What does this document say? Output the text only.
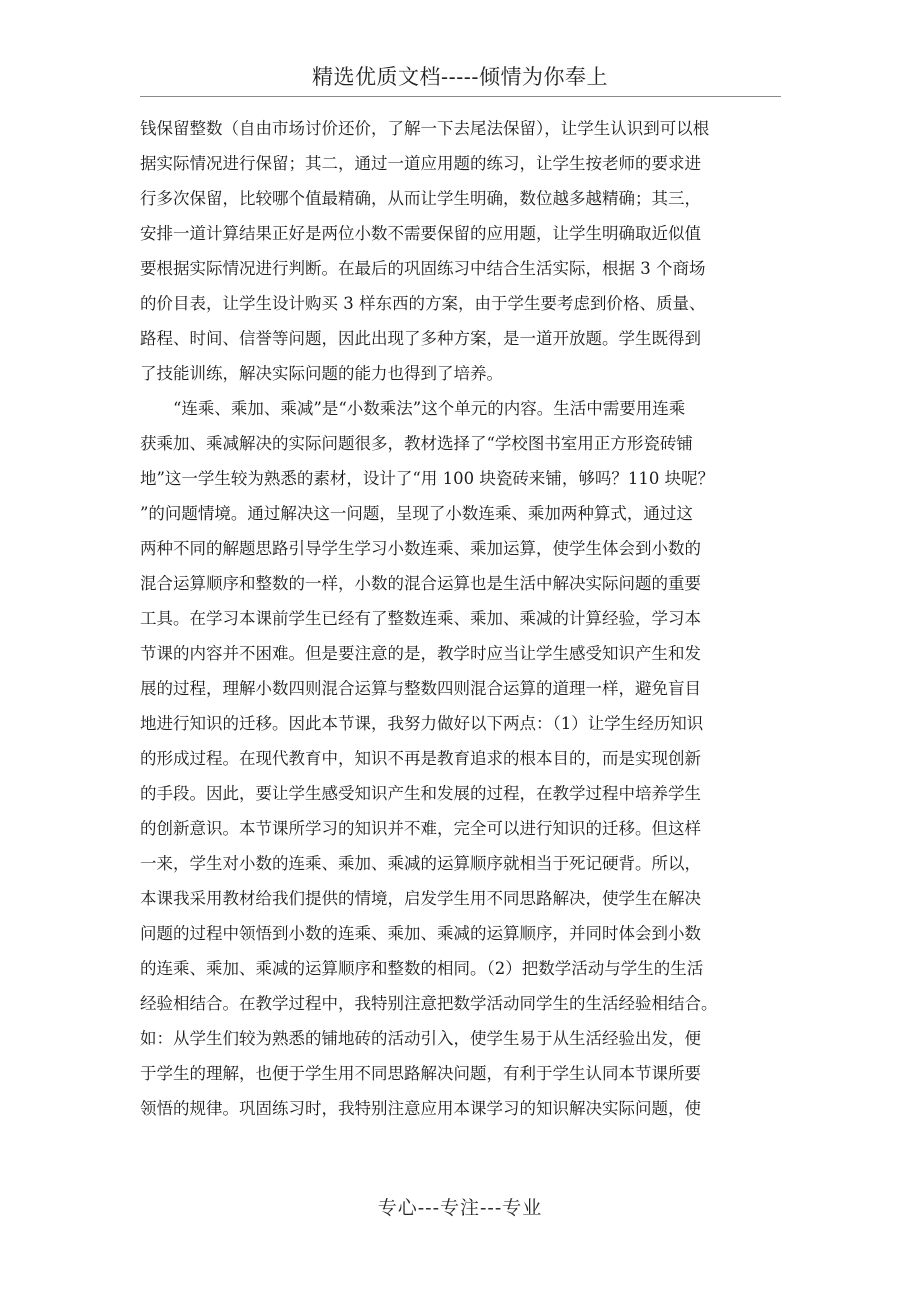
精选优质文档-----倾情为你奉上
钱保留整数（自由市场讨价还价，了解一下去尾法保留），让学生认识到可以根
据实际情况进行保留；其二，通过一道应用题的练习，让学生按老师的要求进
行多次保留，比较哪个值最精确，从而让学生明确，数位越多越精确；其三，
安排一道计算结果正好是两位小数不需要保留的应用题，让学生明确取近似值
要根据实际情况进行判断。在最后的巩固练习中结合生活实际，根据 3 个商场
的价目表，让学生设计购买 3 样东西的方案，由于学生要考虑到价格、质量、
路程、时间、信誉等问题，因此出现了多种方案，是一道开放题。学生既得到
了技能训练，解决实际问题的能力也得到了培养。
“连乘、乘加、乘减”是“小数乘法”这个单元的内容。生活中需要用连乘
获乘加、乘减解决的实际问题很多，教材选择了“学校图书室用正方形瓷砖铺
地”这一学生较为熟悉的素材，设计了“用 100 块瓷砖来铺，够吗？110 块呢？
”的问题情境。通过解决这一问题，呈现了小数连乘、乘加两种算式，通过这
两种不同的解题思路引导学生学习小数连乘、乘加运算，使学生体会到小数的
混合运算顺序和整数的一样，小数的混合运算也是生活中解决实际问题的重要
工具。在学习本课前学生已经有了整数连乘、乘加、乘减的计算经验，学习本
节课的内容并不困难。但是要注意的是，教学时应当让学生感受知识产生和发
展的过程，理解小数四则混合运算与整数四则混合运算的道理一样，避免盲目
地进行知识的迁移。因此本节课，我努力做好以下两点：（1）让学生经历知识
的形成过程。在现代教育中，知识不再是教育追求的根本目的，而是实现创新
的手段。因此，要让学生感受知识产生和发展的过程，在教学过程中培养学生
的创新意识。本节课所学习的知识并不难，完全可以进行知识的迁移。但这样
一来，学生对小数的连乘、乘加、乘减的运算顺序就相当于死记硬背。所以，
本课我采用教材给我们提供的情境，启发学生用不同思路解决，使学生在解决
问题的过程中领悟到小数的连乘、乘加、乘减的运算顺序，并同时体会到小数
的连乘、乘加、乘减的运算顺序和整数的相同。（2）把数学活动与学生的生活
经验相结合。在教学过程中，我特别注意把数学活动同学生的生活经验相结合。
如：从学生们较为熟悉的铺地砖的活动引入，使学生易于从生活经验出发，便
于学生的理解，也便于学生用不同思路解决问题，有利于学生认同本节课所要
领悟的规律。巩固练习时，我特别注意应用本课学习的知识解决实际问题，使
专心---专注---专业
